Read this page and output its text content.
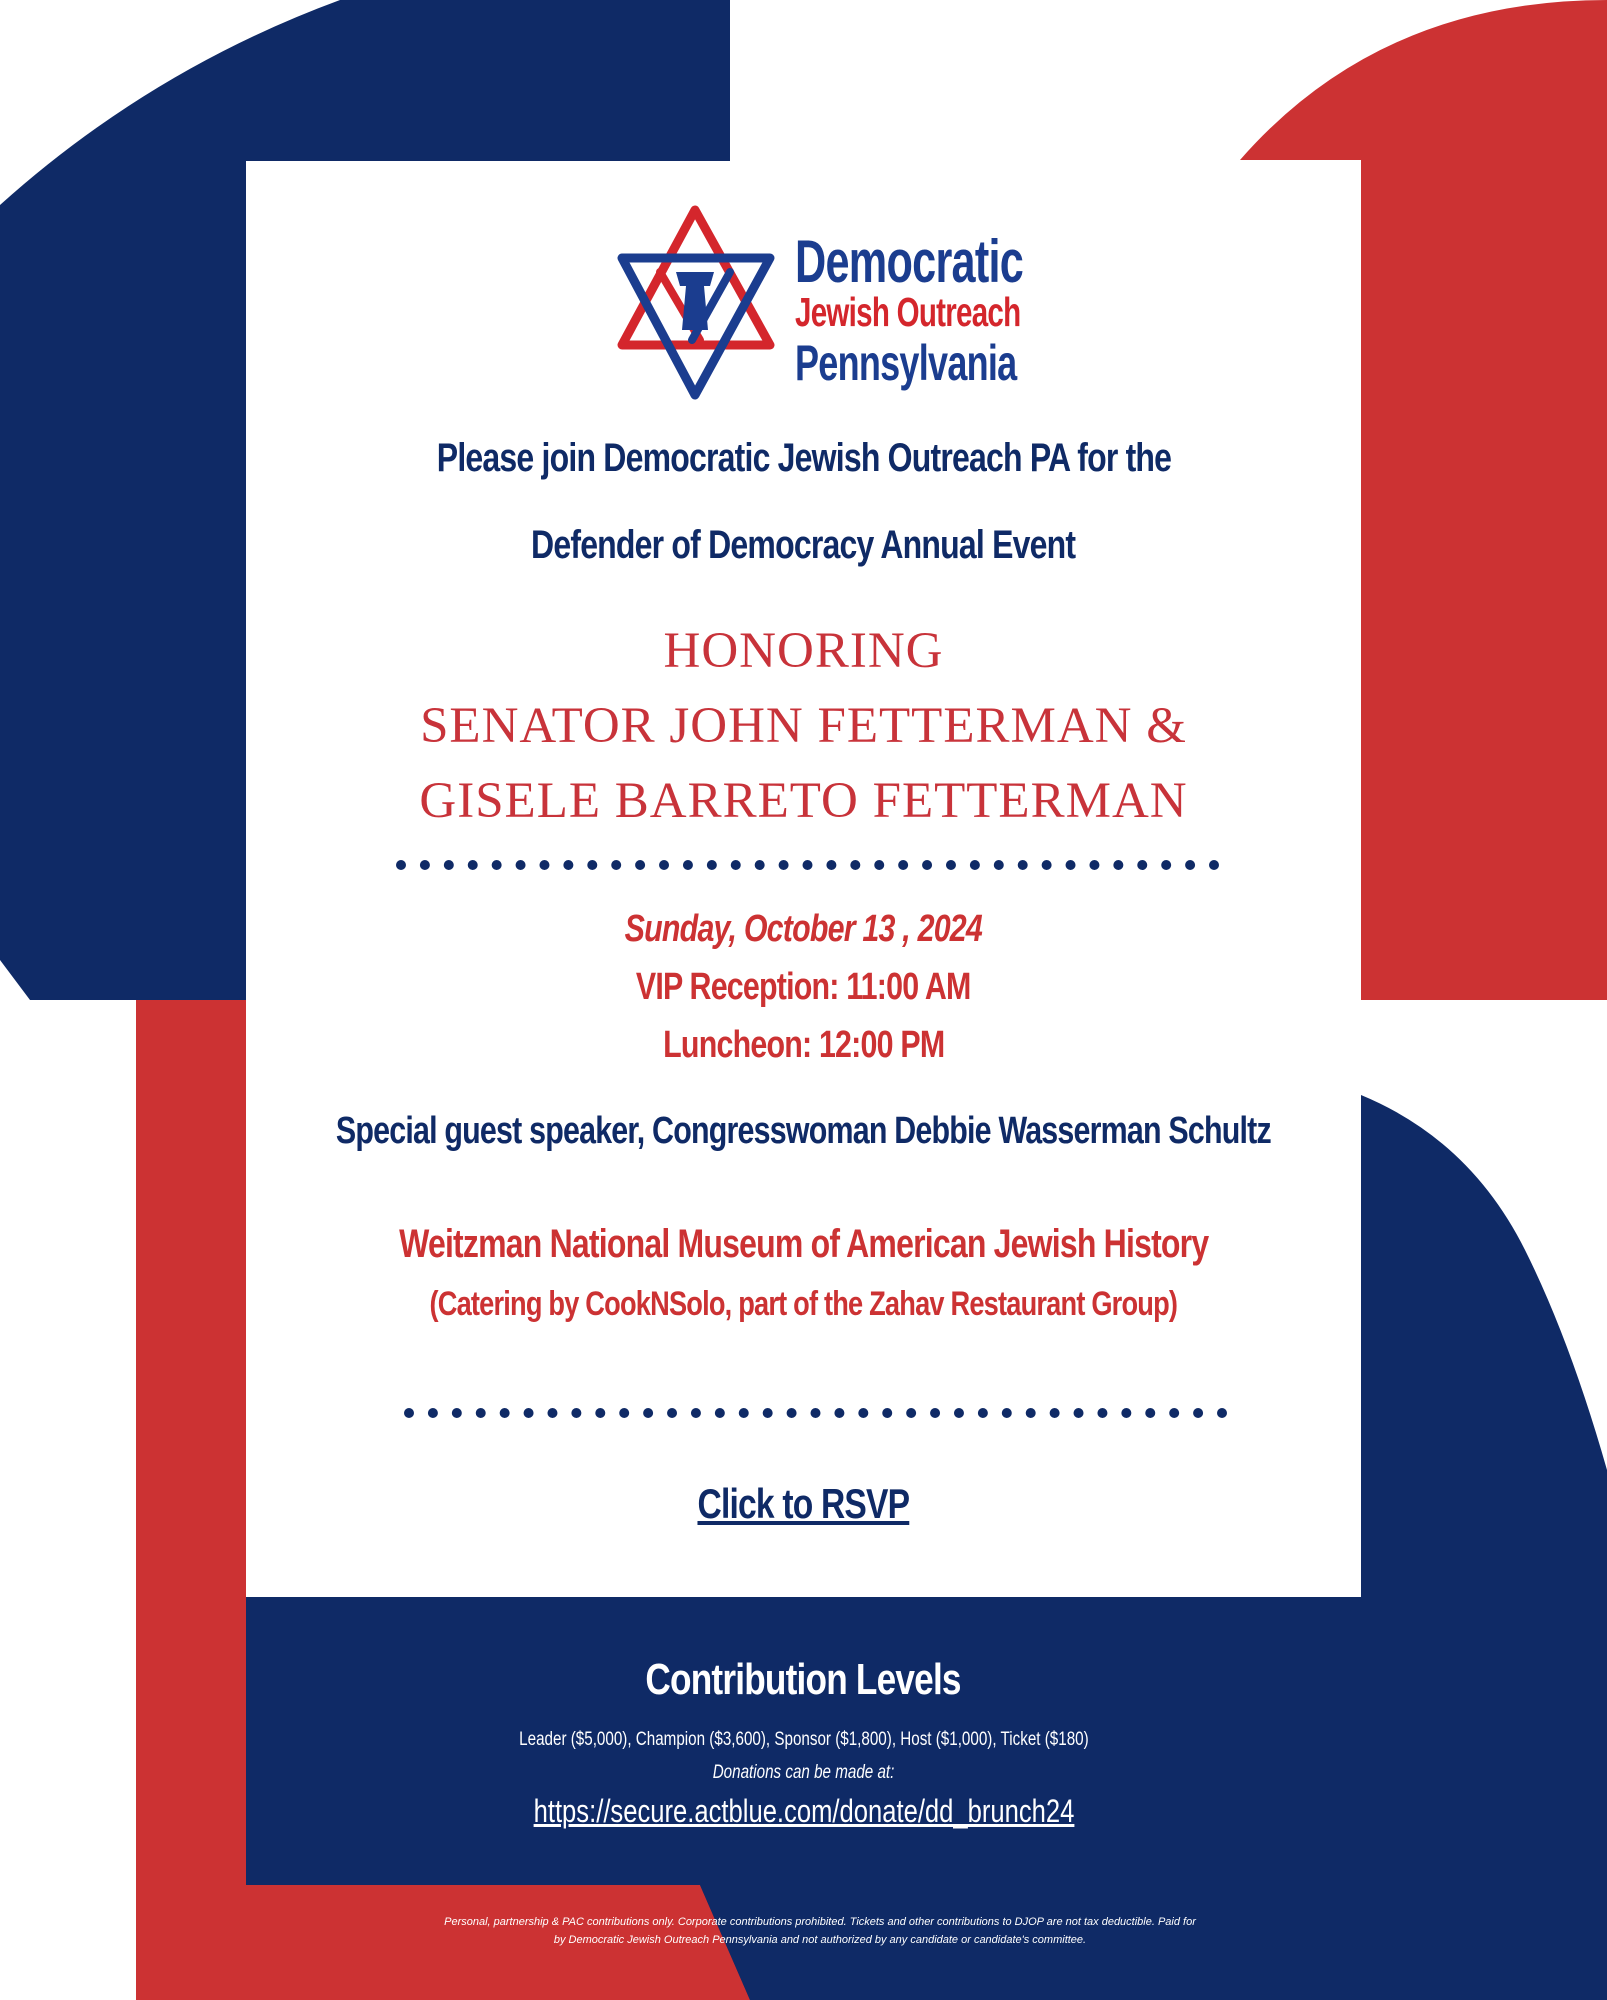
Democratic
Jewish Outreach
Pennsylvania
Please join Democratic Jewish Outreach PA for the
Defender of Democracy Annual Event
HONORING
SENATOR JOHN FETTERMAN &
GISELE BARRETO FETTERMAN
Sunday, October 13 , 2024
VIP Reception: 11:00 AM
Luncheon: 12:00 PM
Special guest speaker, Congresswoman Debbie Wasserman Schultz
Weitzman National Museum of American Jewish History
(Catering by CookNSolo, part of the Zahav Restaurant Group)
Click to RSVP
Contribution Levels
Leader ($5,000), Champion ($3,600), Sponsor ($1,800), Host ($1,000), Ticket ($180)
Donations can be made at:
https://secure.actblue.com/donate/dd_brunch24
Personal, partnership & PAC contributions only. Corporate contributions prohibited. Tickets and other contributions to DJOP are not tax deductible. Paid for by Democratic Jewish Outreach Pennsylvania and not authorized by any candidate or candidate's committee.
